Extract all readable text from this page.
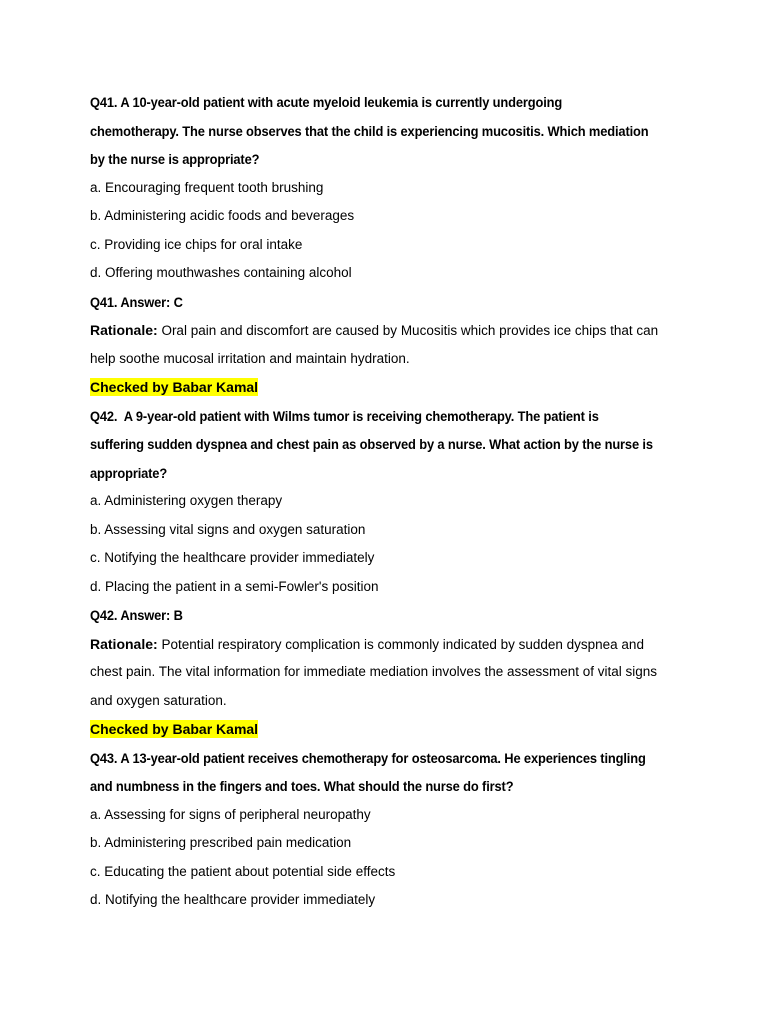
Q41. A 10-year-old patient with acute myeloid leukemia is currently undergoing
chemotherapy. The nurse observes that the child is experiencing mucositis. Which mediation
by the nurse is appropriate?
a. Encouraging frequent tooth brushing
b. Administering acidic foods and beverages
c. Providing ice chips for oral intake
d. Offering mouthwashes containing alcohol
Q41. Answer: C
Rationale: Oral pain and discomfort are caused by Mucositis which provides ice chips that can
help soothe mucosal irritation and maintain hydration.
Checked by Babar Kamal
Q42.  A 9-year-old patient with Wilms tumor is receiving chemotherapy. The patient is
suffering sudden dyspnea and chest pain as observed by a nurse. What action by the nurse is
appropriate?
a. Administering oxygen therapy
b. Assessing vital signs and oxygen saturation
c. Notifying the healthcare provider immediately
d. Placing the patient in a semi-Fowler's position
Q42. Answer: B
Rationale: Potential respiratory complication is commonly indicated by sudden dyspnea and
chest pain. The vital information for immediate mediation involves the assessment of vital signs
and oxygen saturation.
Checked by Babar Kamal
Q43. A 13-year-old patient receives chemotherapy for osteosarcoma. He experiences tingling
and numbness in the fingers and toes. What should the nurse do first?
a. Assessing for signs of peripheral neuropathy
b. Administering prescribed pain medication
c. Educating the patient about potential side effects
d. Notifying the healthcare provider immediately
